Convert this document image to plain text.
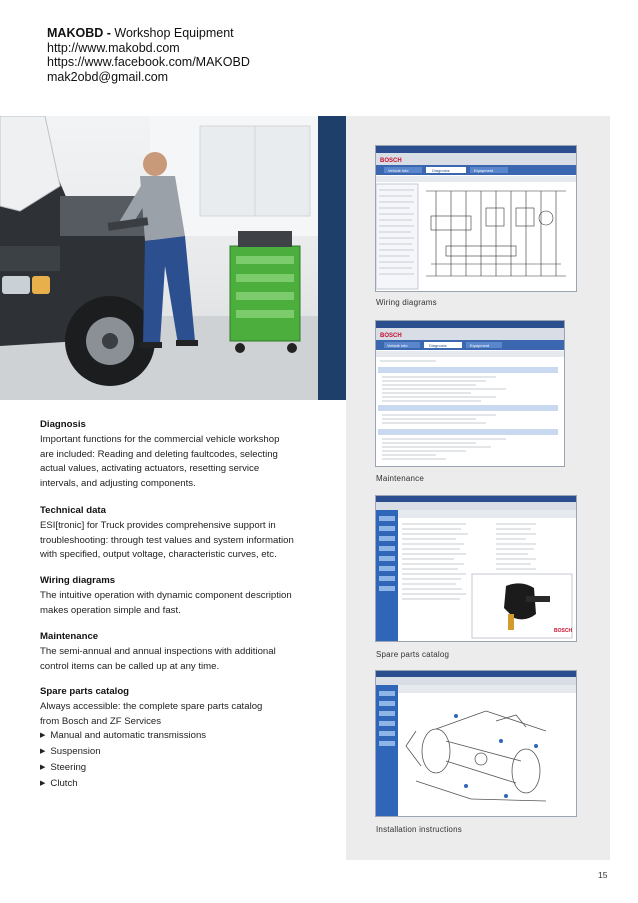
MAKOBD - Workshop Equipment
http://www.makobd.com
https://www.facebook.com/MAKOBD
mak2obd@gmail.com
BOSCH
Vehicle info	Diagnosis	Equipment
Wiring diagrams
BOSCH
Vehicle info	Diagnosis	Equipment
Maintenance
BOSCH
Spare parts catalog
Installation instructions

Diagnosis

Important functions for the commercial vehicle workshop

are included: Reading and deleting faultcodes, selecting

actual values, activating actuators, resetting service

intervals, and adjusting components.

Technical data

ESI[tronic] for Truck provides comprehensive support in

troubleshooting: through test values and system information

with specified, output voltage, characteristic curves, etc.

Wiring diagrams

The intuitive operation with dynamic component description

makes operation simple and fast.

Maintenance

The semi-annual and annual inspections with additional

control items can be called up at any time.

Spare parts catalog

Always accessible: the complete spare parts catalog

from Bosch and ZF Services

▶ Manual and automatic transmissions
▶ Suspension
▶ Steering
▶ Clutch
15
